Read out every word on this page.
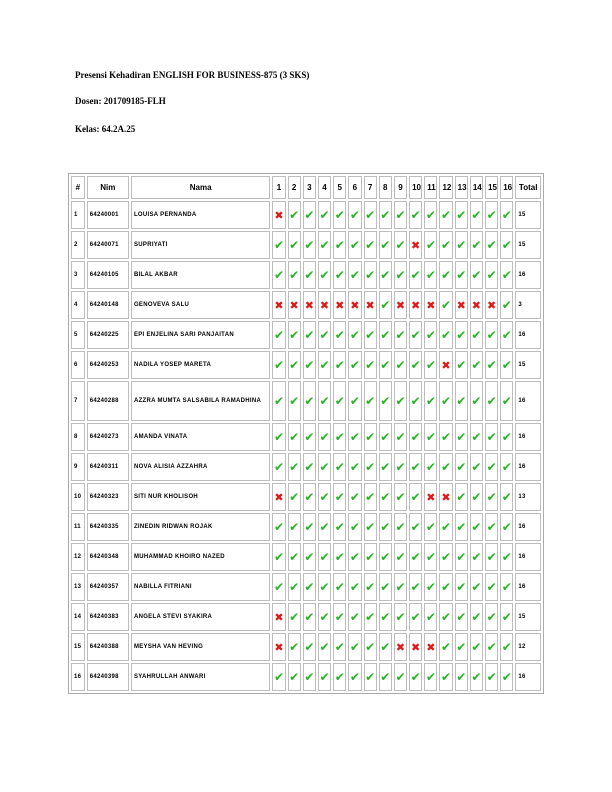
Presensi Kehadiran ENGLISH FOR BUSINESS-875 (3 SKS)
Dosen: 201709185-FLH
Kelas: 64.2A.25
#	Nim	Nama	1	2	3	4	5	6	7	8	9	10	11	12	13	14	15	16	Total
1	64240001	LOUISA PERNANDA	✖	✔	✔	✔	✔	✔	✔	✔	✔	✔	✔	✔	✔	✔	✔	✔	15
2	64240071	SUPRIYATI	✔	✔	✔	✔	✔	✔	✔	✔	✔	✖	✔	✔	✔	✔	✔	✔	15
3	64240105	BILAL AKBAR	✔	✔	✔	✔	✔	✔	✔	✔	✔	✔	✔	✔	✔	✔	✔	✔	16
4	64240148	GENOVEVA SALU	✖	✖	✖	✖	✖	✖	✖	✔	✖	✖	✖	✔	✖	✖	✖	✔	3
5	64240225	EPI ENJELINA SARI PANJAITAN	✔	✔	✔	✔	✔	✔	✔	✔	✔	✔	✔	✔	✔	✔	✔	✔	16
6	64240253	NADILA YOSEP MARETA	✔	✔	✔	✔	✔	✔	✔	✔	✔	✔	✔	✖	✔	✔	✔	✔	15
7	64240288	AZZRA MUMTA SALSABILA RAMADHINA	✔	✔	✔	✔	✔	✔	✔	✔	✔	✔	✔	✔	✔	✔	✔	✔	16
8	64240273	AMANDA VINATA	✔	✔	✔	✔	✔	✔	✔	✔	✔	✔	✔	✔	✔	✔	✔	✔	16
9	64240311	NOVA ALISIA AZZAHRA	✔	✔	✔	✔	✔	✔	✔	✔	✔	✔	✔	✔	✔	✔	✔	✔	16
10	64240323	SITI NUR KHOLISOH	✖	✔	✔	✔	✔	✔	✔	✔	✔	✔	✖	✖	✔	✔	✔	✔	13
11	64240335	ZINEDIN RIDWAN ROJAK	✔	✔	✔	✔	✔	✔	✔	✔	✔	✔	✔	✔	✔	✔	✔	✔	16
12	64240348	MUHAMMAD KHOIRO NAZED	✔	✔	✔	✔	✔	✔	✔	✔	✔	✔	✔	✔	✔	✔	✔	✔	16
13	64240357	NABILLA FITRIANI	✔	✔	✔	✔	✔	✔	✔	✔	✔	✔	✔	✔	✔	✔	✔	✔	16
14	64240383	ANGELA STEVI SYAKIRA	✖	✔	✔	✔	✔	✔	✔	✔	✔	✔	✔	✔	✔	✔	✔	✔	15
15	64240388	MEYSHA VAN HEVING	✖	✔	✔	✔	✔	✔	✔	✔	✖	✖	✖	✔	✔	✔	✔	✔	12
16	64240398	SYAHRULLAH ANWARI	✔	✔	✔	✔	✔	✔	✔	✔	✔	✔	✔	✔	✔	✔	✔	✔	16
